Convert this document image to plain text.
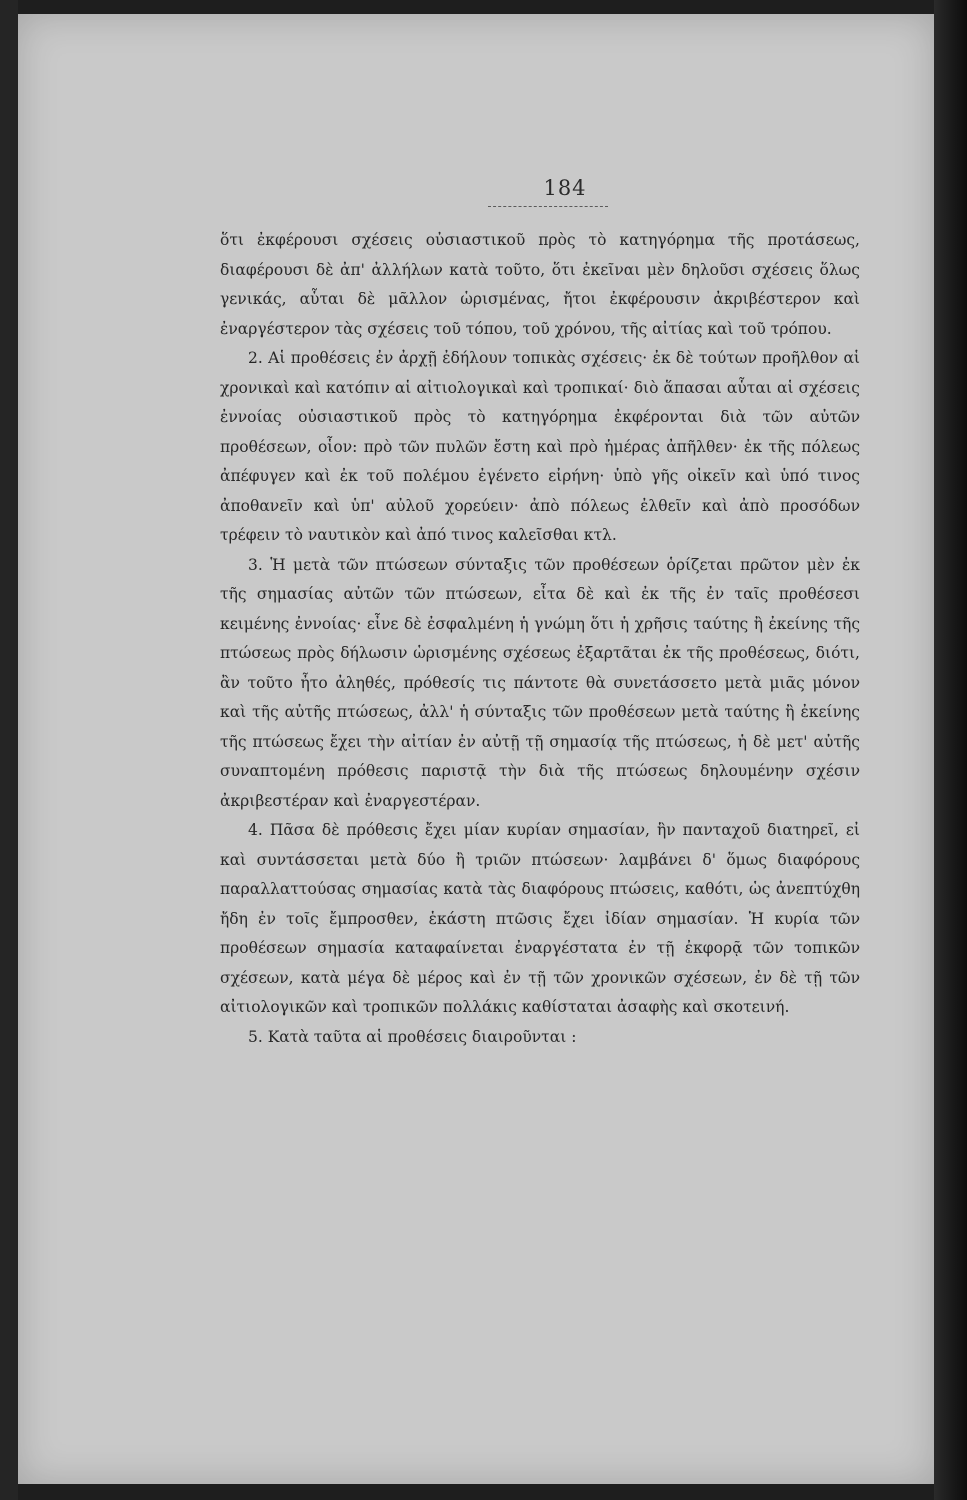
184

ὅτι ἐκφέρουσι σχέσεις οὐσιαστικοῦ πρὸς τὸ κατηγόρημα τῆς προτάσεως, διαφέρουσι δὲ ἀπ' ἀλλήλων κατὰ τοῦτο, ὅτι ἐκεῖναι μὲν δηλοῦσι σχέσεις ὅλως γενικάς, αὗται δὲ μᾶλλον ὡρισμένας, ἤτοι ἐκφέρουσιν ἀκριβέστερον καὶ ἐναργέστερον τὰς σχέσεις τοῦ τόπου, τοῦ χρόνου, τῆς αἰτίας καὶ τοῦ τρόπου.

2. Αἱ προθέσεις ἐν ἀρχῇ ἐδήλουν τοπικὰς σχέσεις· ἐκ δὲ τούτων προῆλθον αἱ χρονικαὶ καὶ κατόπιν αἱ αἰτιολογικαὶ καὶ τροπικαί· διὸ ἅπασαι αὗται αἱ σχέσεις ἐννοίας οὐσιαστικοῦ πρὸς τὸ κατηγόρημα ἐκφέρονται διὰ τῶν αὐτῶν προθέσεων, οἷον: πρὸ τῶν πυλῶν ἔστη καὶ πρὸ ἡμέρας ἀπῆλθεν· ἐκ τῆς πόλεως ἀπέφυγεν καὶ ἐκ τοῦ πολέμου ἐγένετο εἰρήνη· ὑπὸ γῆς οἰκεῖν καὶ ὑπό τινος ἀποθανεῖν καὶ ὑπ' αὐλοῦ χορεύειν· ἀπὸ πόλεως ἐλθεῖν καὶ ἀπὸ προσόδων τρέφειν τὸ ναυτικὸν καὶ ἀπό τινος καλεῖσθαι κτλ.

3. Ἡ μετὰ τῶν πτώσεων σύνταξις τῶν προθέσεων ὁρίζεται πρῶτον μὲν ἐκ τῆς σημασίας αὐτῶν τῶν πτώσεων, εἶτα δὲ καὶ ἐκ τῆς ἐν ταῖς προθέσεσι κειμένης ἐννοίας· εἶνε δὲ ἐσφαλμένη ἡ γνώμη ὅτι ἡ χρῆσις ταύτης ἢ ἐκείνης τῆς πτώσεως πρὸς δήλωσιν ὡρισμένης σχέσεως ἐξαρτᾶται ἐκ τῆς προθέσεως, διότι, ἂν τοῦτο ἦτο ἀληθές, πρόθεσίς τις πάντοτε θὰ συνετάσσετο μετὰ μιᾶς μόνον καὶ τῆς αὐτῆς πτώσεως, ἀλλ' ἡ σύνταξις τῶν προθέσεων μετὰ ταύτης ἢ ἐκείνης τῆς πτώσεως ἔχει τὴν αἰτίαν ἐν αὐτῇ τῇ σημασίᾳ τῆς πτώσεως, ἡ δὲ μετ' αὐτῆς συναπτομένη πρόθεσις παριστᾷ τὴν διὰ τῆς πτώσεως δηλουμένην σχέσιν ἀκριβεστέραν καὶ ἐναργεστέραν.

4. Πᾶσα δὲ πρόθεσις ἔχει μίαν κυρίαν σημασίαν, ἣν πανταχοῦ διατηρεῖ, εἰ καὶ συντάσσεται μετὰ δύο ἢ τριῶν πτώσεων· λαμβάνει δ' ὅμως διαφόρους παραλλαττούσας σημασίας κατὰ τὰς διαφόρους πτώσεις, καθότι, ὡς ἀνεπτύχθη ἤδη ἐν τοῖς ἔμπροσθεν, ἑκάστη πτῶσις ἔχει ἰδίαν σημασίαν. Ἡ κυρία τῶν προθέσεων σημασία καταφαίνεται ἐναργέστατα ἐν τῇ ἐκφορᾷ τῶν τοπικῶν σχέσεων, κατὰ μέγα δὲ μέρος καὶ ἐν τῇ τῶν χρονικῶν σχέσεων, ἐν δὲ τῇ τῶν αἰτιολογικῶν καὶ τροπικῶν πολλάκις καθίσταται ἀσαφὴς καὶ σκοτεινή.

5. Κατὰ ταῦτα αἱ προθέσεις διαιροῦνται :
